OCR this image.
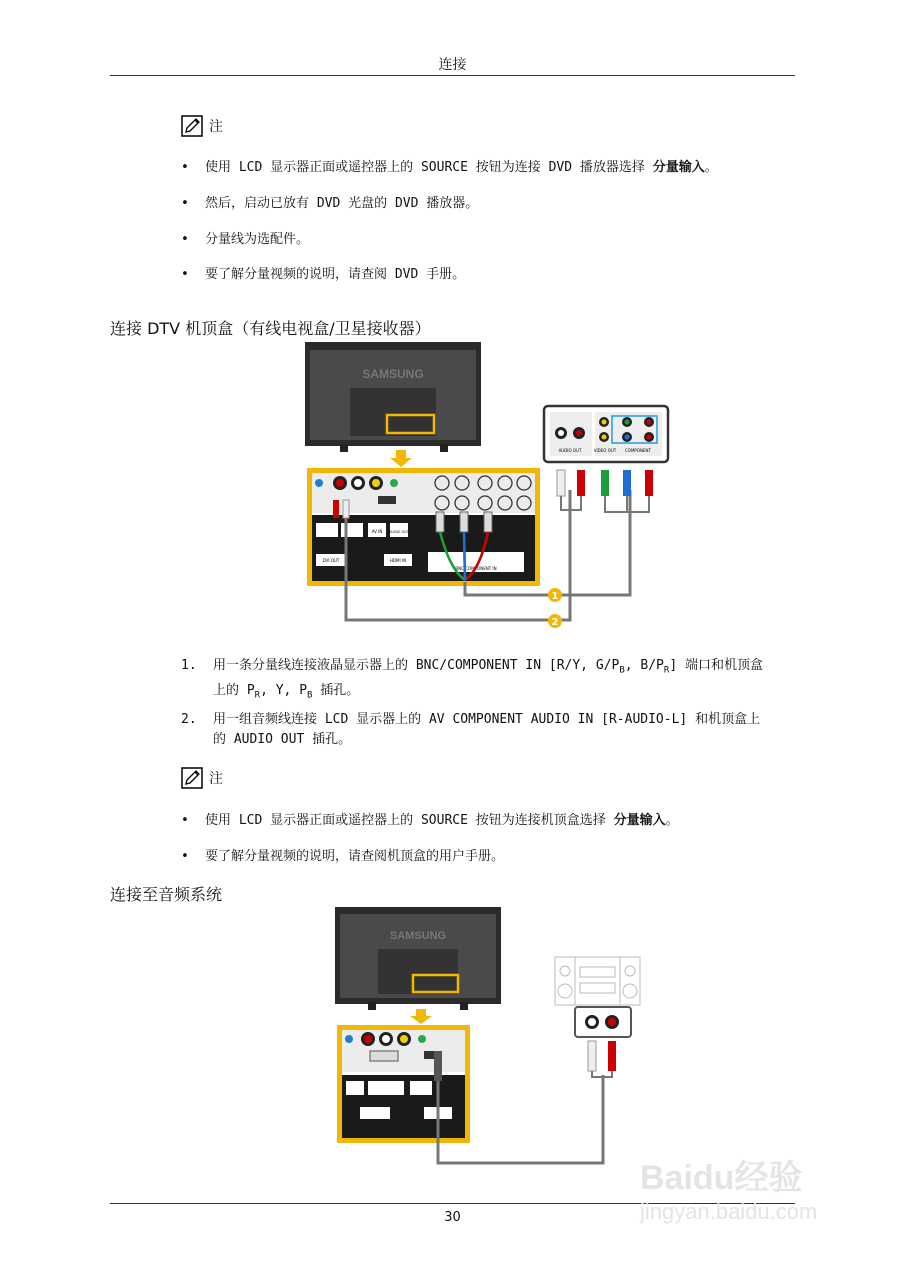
连接
注
• 使用 LCD 显示器正面或遥控器上的 SOURCE 按钮为连接 DVD 播放器选择 分量输入。
• 然后，启动已放有 DVD 光盘的 DVD 播放器。
• 分量线为选配件。
• 要了解分量视频的说明，请查阅 DVD 手册。
连接 DTV 机顶盒（有线电视盒/卫星接收器）
SAMSUNG
AV IN AUDIO OUT
DVI OUT	HDMI IN
BNC/COMPONENT IN
1
2
AUDIO OUT	VIDEO OUT COMPONENT
1. 用一条分量线连接液晶显示器上的 BNC/COMPONENT IN [R/Y, $G/P_B$, $B/P_R$] 端口和机顶盒
上的 $P_R$, Y, $P_B$ 插孔。
2. 用一组音频线连接 LCD 显示器上的 AV COMPONENT AUDIO IN [R-AUDIO-L] 和机顶盒上
的 AUDIO OUT 插孔。
注
• 使用 LCD 显示器正面或遥控器上的 SOURCE 按钮为连接机顶盒选择 分量输入。
• 要了解分量视频的说明，请查阅机顶盒的用户手册。
连接至音频系统
SAMSUNG
30
Baidu经验
jingyan.baidu.com
